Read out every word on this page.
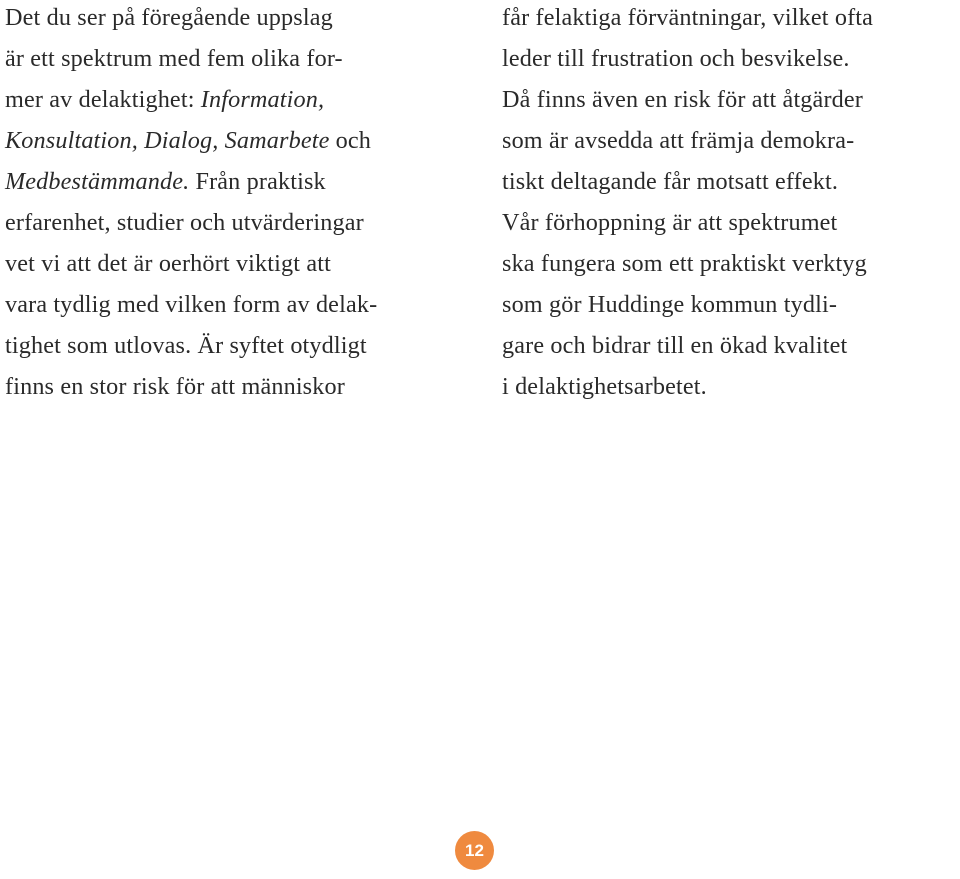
Det du ser på föregående uppslag
är ett spektrum med fem olika for-
mer av delaktighet: Information,
Konsultation, Dialog, Samarbete och
Medbestämmande. Från praktisk
erfarenhet, studier och utvärderingar
vet vi att det är oerhört viktigt att
vara tydlig med vilken form av delak-
tighet som utlovas. Är syftet otydligt
finns en stor risk för att människor
får felaktiga förväntningar, vilket ofta
leder till frustration och besvikelse.
Då finns även en risk för att åtgärder
som är avsedda att främja demokra-
tiskt deltagande får motsatt effekt.
Vår förhoppning är att spektrumet
ska fungera som ett praktiskt verktyg
som gör Huddinge kommun tydli-
gare och bidrar till en ökad kvalitet
i delaktighetsarbetet.
12
